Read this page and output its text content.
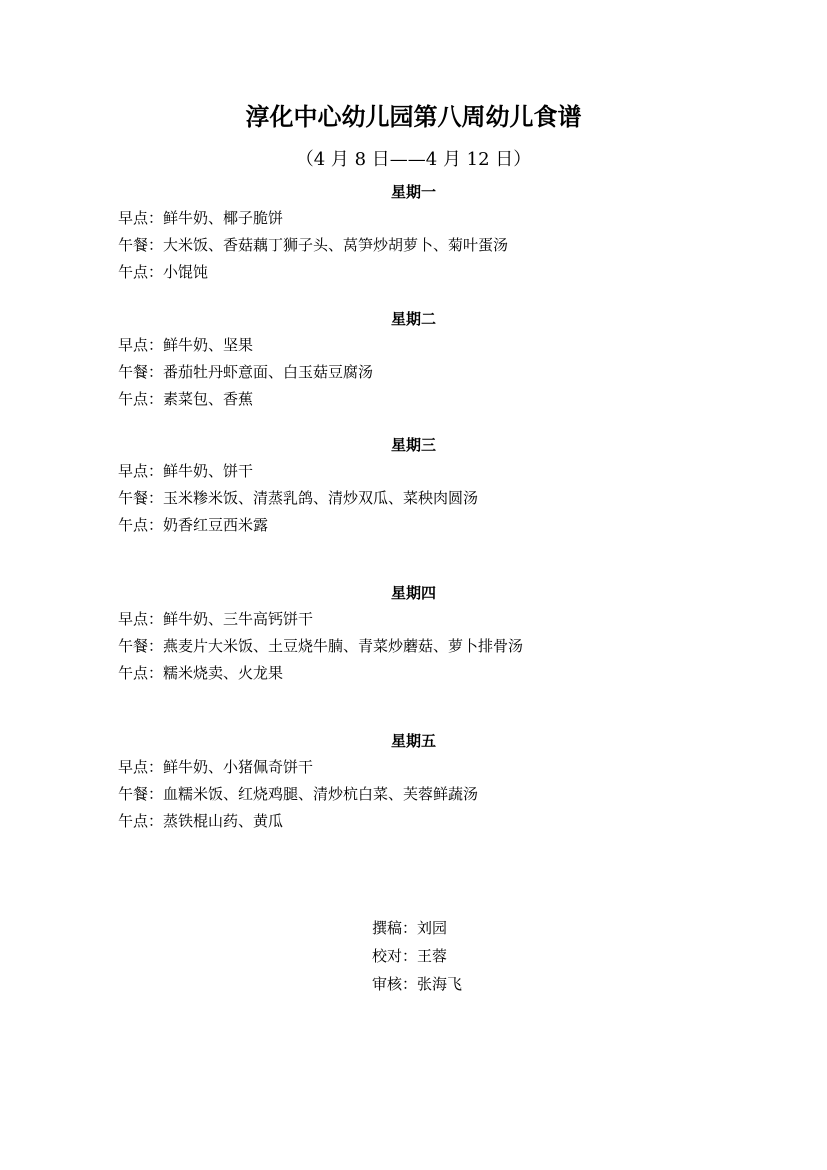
淳化中心幼儿园第八周幼儿食谱
（4 月 8 日——4 月 12 日）
星期一
早点：鲜牛奶、椰子脆饼
午餐：大米饭、香菇藕丁狮子头、莴笋炒胡萝卜、菊叶蛋汤
午点：小馄饨
星期二
早点：鲜牛奶、坚果
午餐：番茄牡丹虾意面、白玉菇豆腐汤
午点：素菜包、香蕉
星期三
早点：鲜牛奶、饼干
午餐：玉米糁米饭、清蒸乳鸽、清炒双瓜、菜秧肉圆汤
午点：奶香红豆西米露
星期四
早点：鲜牛奶、三牛高钙饼干
午餐：燕麦片大米饭、土豆烧牛腩、青菜炒蘑菇、萝卜排骨汤
午点：糯米烧卖、火龙果
星期五
早点：鲜牛奶、小猪佩奇饼干
午餐：血糯米饭、红烧鸡腿、清炒杭白菜、芙蓉鲜蔬汤
午点：蒸铁棍山药、黄瓜
撰稿：刘园
校对：王蓉
审核：张海飞
